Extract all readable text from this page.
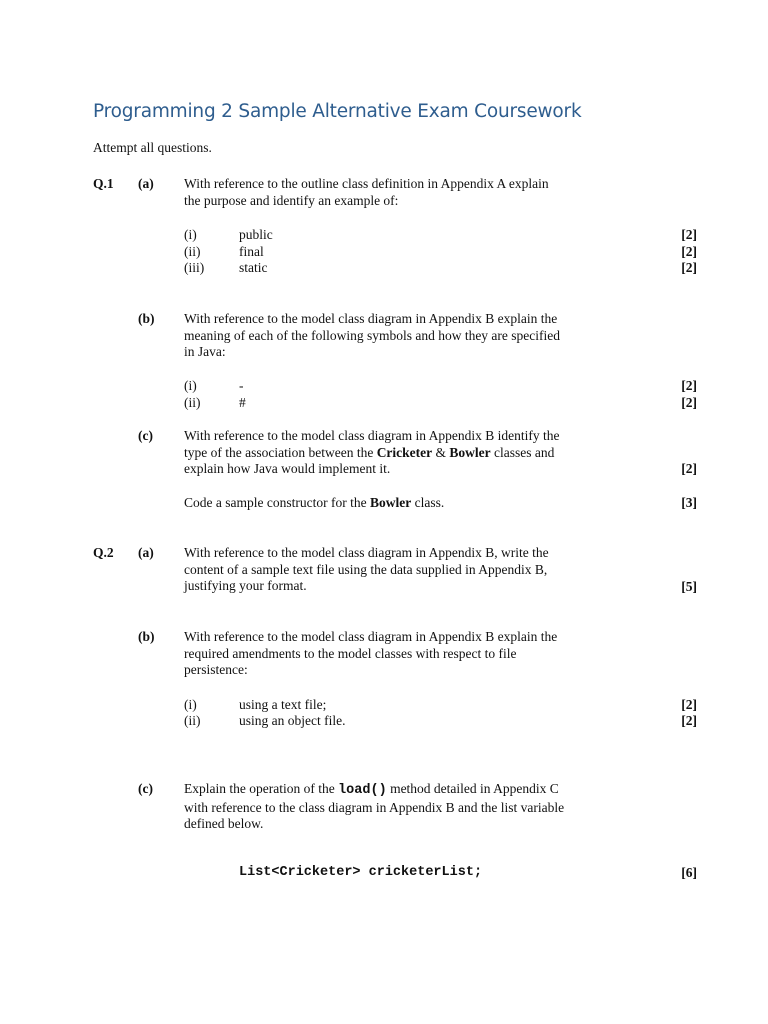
Programming 2 Sample Alternative Exam Coursework
Attempt all questions.
Q.1 (a) With reference to the outline class definition in Appendix A explain
the purpose and identify an example of:
(i)	public	[2]
(ii)	final	[2]
(iii)	static	[2]
(b) With reference to the model class diagram in Appendix B explain the
meaning of each of the following symbols and how they are specified
in Java:
(i)	-	[2]
(ii)	#	[2]
(c) With reference to the model class diagram in Appendix B identify the
type of the association between the Cricketer & Bowler classes and
explain how Java would implement it.	[2]
Code a sample constructor for the Bowler class.	[3]
Q.2 (a) With reference to the model class diagram in Appendix B, write the
content of a sample text file using the data supplied in Appendix B,
justifying your format.	[5]
(b) With reference to the model class diagram in Appendix B explain the
required amendments to the model classes with respect to file
persistence:
(i)	using a text file;	[2]
(ii)	using an object file.	[2]
(c) Explain the operation of the load() method detailed in Appendix C
with reference to the class diagram in Appendix B and the list variable
defined below.
List<Cricketer> cricketerList;	[6]
